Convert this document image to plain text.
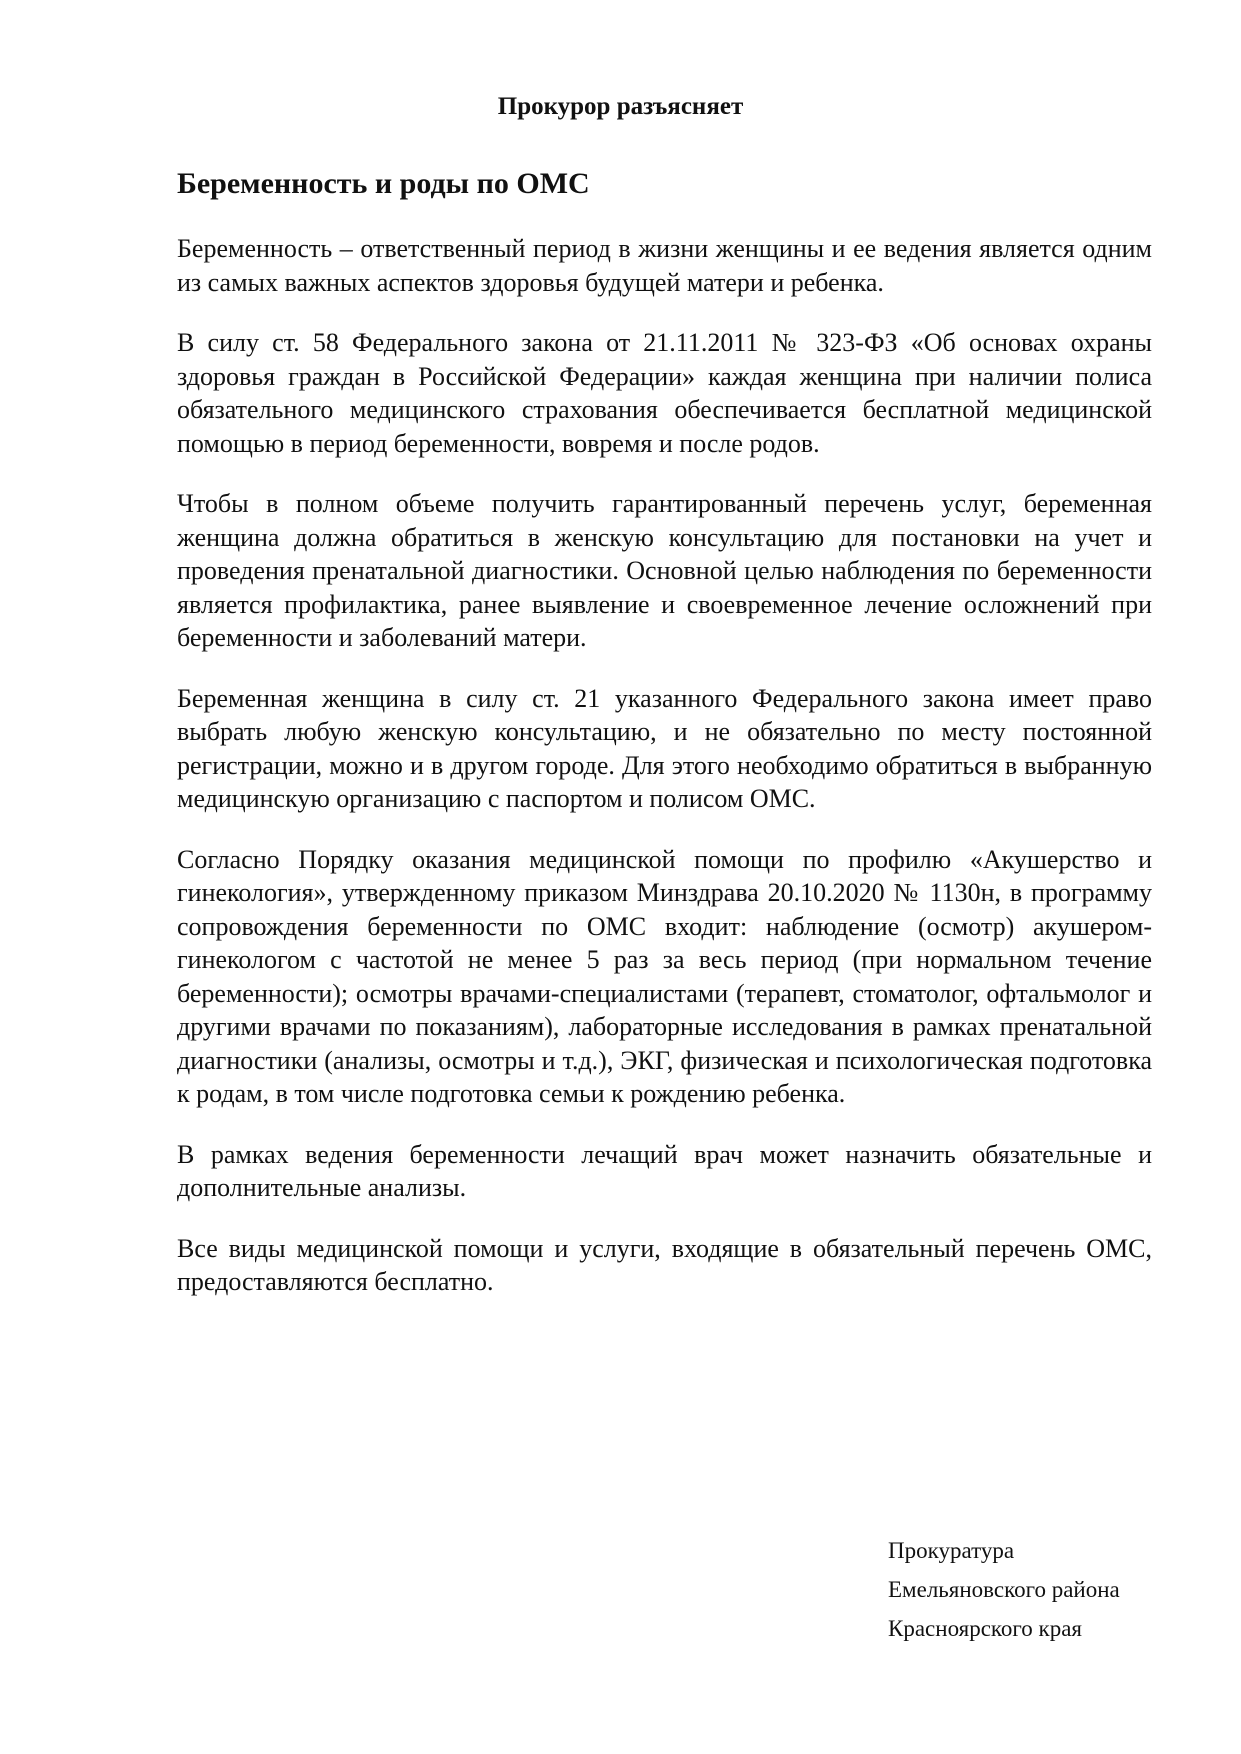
Прокурор разъясняет
Беременность и роды по ОМС

Беременность – ответственный период в жизни женщины и ее ведения является одним из самых важных аспектов здоровья будущей матери и ребенка.

В силу ст. 58 Федерального закона от 21.11.2011 № 323-ФЗ «Об основах охраны здоровья граждан в Российской Федерации» каждая женщина при наличии полиса обязательного медицинского страхования обеспечивается бесплатной медицинской помощью в период беременности, вовремя и после родов.

Чтобы в полном объеме получить гарантированный перечень услуг, беременная женщина должна обратиться в женскую консультацию для постановки на учет и проведения пренатальной диагностики. Основной целью наблюдения по беременности является профилактика, ранее выявление и своевременное лечение осложнений при беременности и заболеваний матери.

Беременная женщина в силу ст. 21 указанного Федерального закона имеет право выбрать любую женскую консультацию, и не обязательно по месту постоянной регистрации, можно и в другом городе. Для этого необходимо обратиться в выбранную медицинскую организацию с паспортом и полисом ОМС.

Согласно Порядку оказания медицинской помощи по профилю «Акушерство и гинекология», утвержденному приказом Минздрава 20.10.2020 № 1130н, в программу сопровождения беременности по ОМС входит: наблюдение (осмотр) акушером-гинекологом с частотой не менее 5 раз за весь период (при нормальном течение беременности); осмотры врачами-специалистами (терапевт, стоматолог, офтальмолог и другими врачами по показаниям), лабораторные исследования в рамках пренатальной диагностики (анализы, осмотры и т.д.), ЭКГ, физическая и психологическая подготовка к родам, в том числе подготовка семьи к рождению ребенка.

В рамках ведения беременности лечащий врач может назначить обязательные и дополнительные анализы.

Все виды медицинской помощи и услуги, входящие в обязательный перечень ОМС, предоставляются бесплатно.

Прокуратура
Емельяновского района
Красноярского края
